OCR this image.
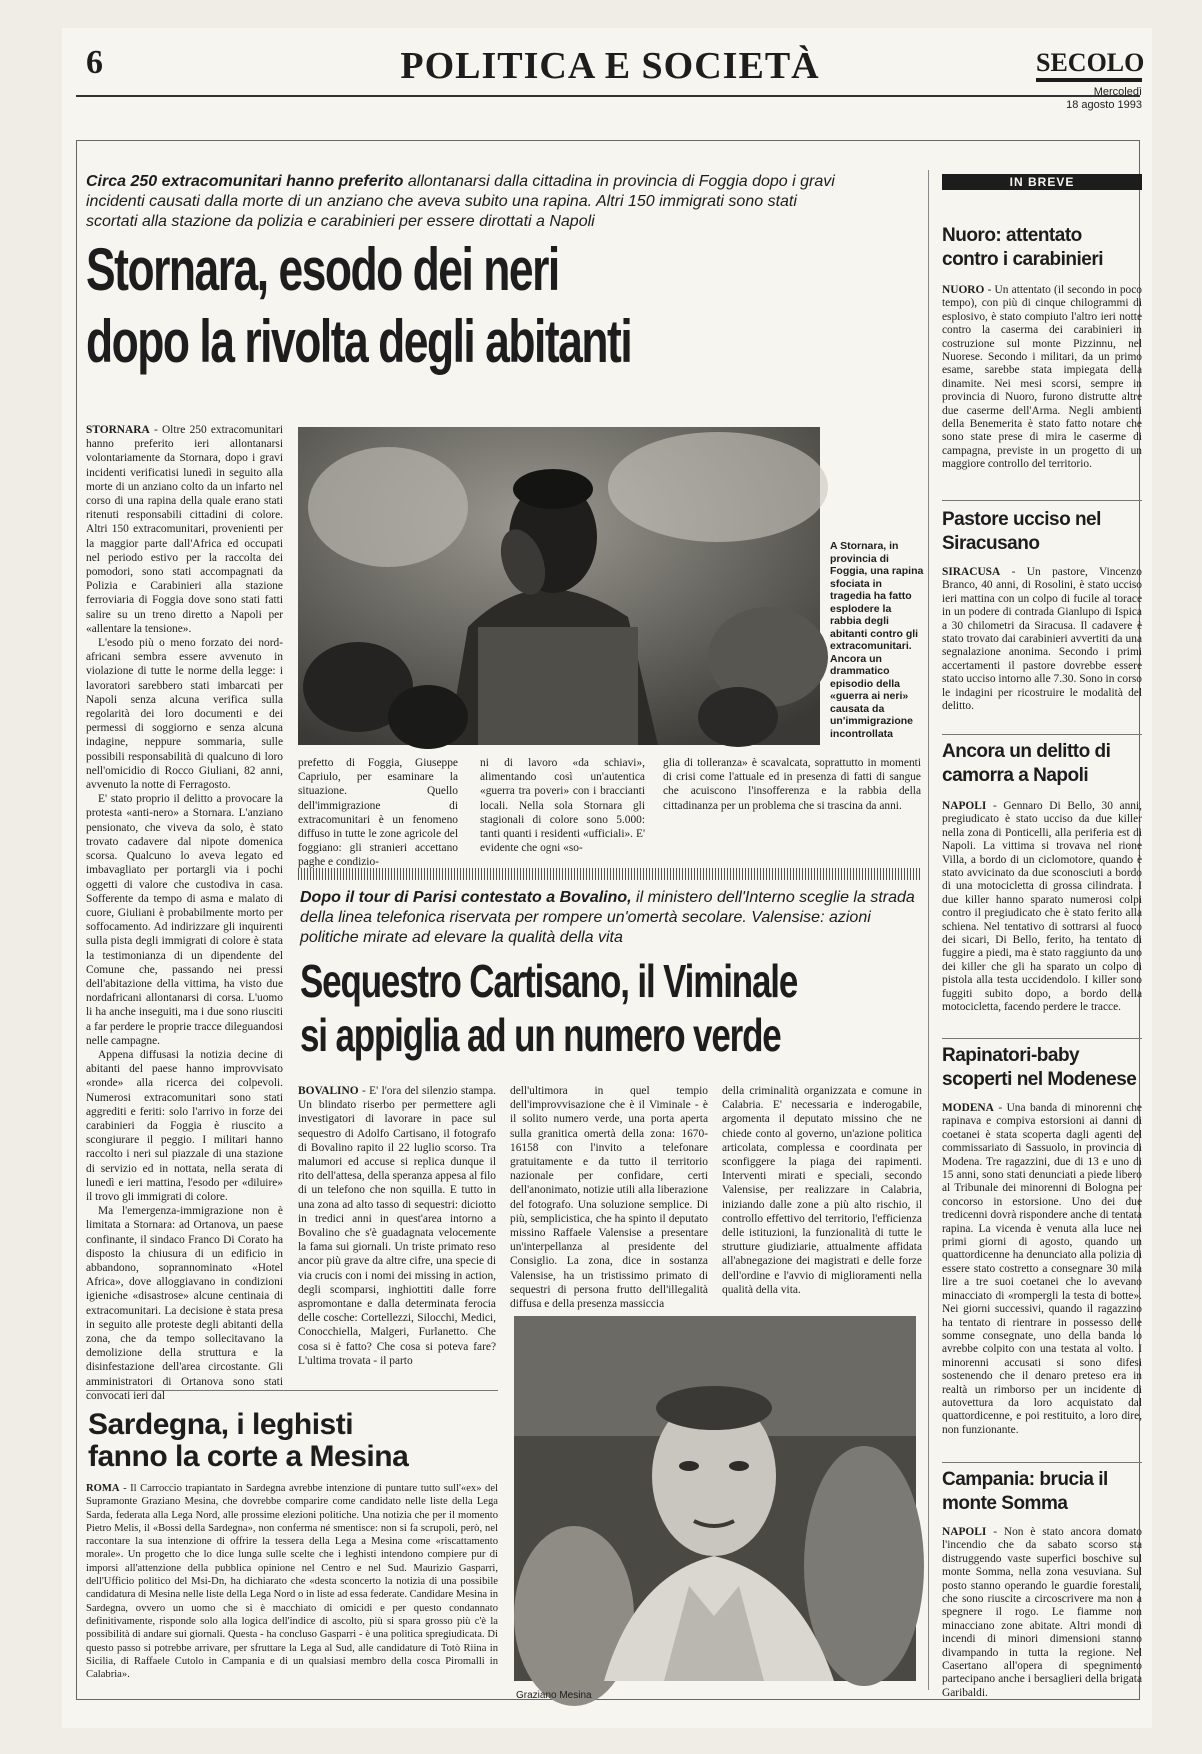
6	POLITICA E SOCIETÀ	SECOLO
Mercoledì
18 agosto 1993
Circa 250 extracomunitari hanno preferito allontanarsi dalla cittadina in provincia di Foggia dopo i gravi incidenti causati dalla morte di un anziano che aveva subito una rapina. Altri 150 immigrati sono stati scortati alla stazione da polizia e carabinieri per essere dirottati a Napoli
Stornara, esodo dei neri
dopo la rivolta degli abitanti

STORNARA - Oltre 250 extracomunitari hanno preferito ieri allontanarsi volontariamente da Stornara, dopo i gravi incidenti verificatisi lunedì in seguito alla morte di un anziano colto da un infarto nel corso di una rapina della quale erano stati ritenuti responsabili cittadini di colore. Altri 150 extracomunitari, provenienti per la maggior parte dall'Africa ed occupati nel periodo estivo per la raccolta dei pomodori, sono stati accompagnati da Polizia e Carabinieri alla stazione ferroviaria di Foggia dove sono stati fatti salire su un treno diretto a Napoli per «allentare la tensione».

L'esodo più o meno forzato dei nord-africani sembra essere avvenuto in violazione di tutte le norme della legge: i lavoratori sarebbero stati imbarcati per Napoli senza alcuna verifica sulla regolarità dei loro documenti e dei permessi di soggiorno e senza alcuna indagine, neppure sommaria, sulle possibili responsabilità di qualcuno di loro nell'omicidio di Rocco Giuliani, 82 anni, avvenuto la notte di Ferragosto.

E' stato proprio il delitto a provocare la protesta «anti-nero» a Stornara. L'anziano pensionato, che viveva da solo, è stato trovato cadavere dal nipote domenica scorsa. Qualcuno lo aveva legato ed imbavagliato per portargli via i pochi oggetti di valore che custodiva in casa. Sofferente da tempo di asma e malato di cuore, Giuliani è probabilmente morto per soffocamento. Ad indirizzare gli inquirenti sulla pista degli immigrati di colore è stata la testimonianza di un dipendente del Comune che, passando nei pressi dell'abitazione della vittima, ha visto due nordafricani allontanarsi di corsa. L'uomo li ha anche inseguiti, ma i due sono riusciti a far perdere le proprie tracce dileguandosi nelle campagne.

Appena diffusasi la notizia decine di abitanti del paese hanno improvvisato «ronde» alla ricerca dei colpevoli. Numerosi extracomunitari sono stati aggrediti e feriti: solo l'arrivo in forze dei carabinieri da Foggia è riuscito a scongiurare il peggio. I militari hanno raccolto i neri sul piazzale di una stazione di servizio ed in nottata, nella serata di lunedì e ieri mattina, l'esodo per «diluire» il trovo gli immigrati di colore.

Ma l'emergenza-immigrazione non è limitata a Stornara: ad Ortanova, un paese confinante, il sindaco Franco Di Corato ha disposto la chiusura di un edificio in abbandono, soprannominato «Hotel Africa», dove alloggiavano in condizioni igieniche «disastrose» alcune centinaia di extracomunitari. La decisione è stata presa in seguito alle proteste degli abitanti della zona, che da tempo sollecitavano la demolizione della struttura e la disinfestazione dell'area circostante. Gli amministratori di Ortanova sono stati convocati ieri dal

A Stornara, in provincia di Foggia, una rapina sfociata in tragedia ha fatto esplodere la rabbia degli abitanti contro gli extracomunitari. Ancora un drammatico episodio della «guerra ai neri» causata da un'immigrazione incontrollata
prefetto di Foggia, Giuseppe Capriulo, per esaminare la situazione. Quello dell'immigrazione di extracomunitari è un fenomeno diffuso in tutte le zone agricole del foggiano: gli stranieri accettano paghe e condizio-
ni di lavoro «da schiavi», alimentando così un'autentica «guerra tra poveri» con i braccianti locali. Nella sola Stornara gli stagionali di colore sono 5.000: tanti quanti i residenti «ufficiali». E' evidente che ogni «so-
glia di tolleranza» è scavalcata, soprattutto in momenti di crisi come l'attuale ed in presenza di fatti di sangue che acuiscono l'insofferenza e la rabbia della cittadinanza per un problema che si trascina da anni.
Dopo il tour di Parisi contestato a Bovalino, il ministero dell'Interno sceglie la strada della linea telefonica riservata per rompere un'omertà secolare. Valensise: azioni politiche mirate ad elevare la qualità della vita
Sequestro Cartisano, il Viminale
si appiglia ad un numero verde

BOVALINO - E' l'ora del silenzio stampa. Un blindato riserbo per permettere agli investigatori di lavorare in pace sul sequestro di Adolfo Cartisano, il fotografo di Bovalino rapito il 22 luglio scorso. Tra malumori ed accuse si replica dunque il rito dell'attesa, della speranza appesa al filo di un telefono che non squilla. E tutto in una zona ad alto tasso di sequestri: diciotto in tredici anni in quest'area intorno a Bovalino che s'è guadagnata velocemente la fama sui giornali. Un triste primato reso ancor più grave da altre cifre, una specie di via crucis con i nomi dei missing in action, degli scomparsi, inghiottiti dalle forre aspromontane e dalla determinata ferocia delle cosche: Cortellezzi, Silocchi, Medici, Conocchiella, Malgeri, Furlanetto. Che cosa si è fatto? Che cosa si poteva fare? L'ultima trovata - il parto

dell'ultimora in quel tempio dell'improvvisazione che è il Viminale - è il solito numero verde, una porta aperta sulla granitica omertà della zona: 1670-16158 con l'invito a telefonare gratuitamente e da tutto il territorio nazionale per confidare, certi dell'anonimato, notizie utili alla liberazione del fotografo. Una soluzione semplice. Di più, semplicistica, che ha spinto il deputato missino Raffaele Valensise a presentare un'interpellanza al presidente del Consiglio. La zona, dice in sostanza Valensise, ha un tristissimo primato di sequestri di persona frutto dell'illegalità diffusa e della presenza massiccia
della criminalità organizzata e comune in Calabria. E' necessaria e inderogabile, argomenta il deputato missino che ne chiede conto al governo, un'azione politica articolata, complessa e coordinata per sconfiggere la piaga dei rapimenti. Interventi mirati e speciali, secondo Valensise, per realizzare in Calabria, iniziando dalle zone a più alto rischio, il controllo effettivo del territorio, l'efficienza delle istituzioni, la funzionalità di tutte le strutture giudiziarie, attualmente affidata all'abnegazione dei magistrati e delle forze dell'ordine e l'avvio di miglioramenti nella qualità della vita.
Graziano Mesina
Sardegna, i leghisti
fanno la corte a Mesina

ROMA - Il Carroccio trapiantato in Sardegna avrebbe intenzione di puntare tutto sull'«ex» del Supramonte Graziano Mesina, che dovrebbe comparire come candidato nelle liste della Lega Sarda, federata alla Lega Nord, alle prossime elezioni politiche. Una notizia che per il momento Pietro Melis, il «Bossi della Sardegna», non conferma né smentisce: non si fa scrupoli, però, nel raccontare la sua intenzione di offrire la tessera della Lega a Mesina come «riscattamento morale». Un progetto che lo dice lunga sulle scelte che i leghisti intendono compiere pur di imporsi all'attenzione della pubblica opinione nel Centro e nel Sud. Maurizio Gasparri, dell'Ufficio politico del Msi-Dn, ha dichiarato che «desta sconcerto la notizia di una possibile candidatura di Mesina nelle liste della Lega Nord o in liste ad essa federate. Candidare Mesina in Sardegna, ovvero un uomo che si è macchiato di omicidi e per questo condannato definitivamente, risponde solo alla logica dell'indice di ascolto, più si spara grosso più c'è la possibilità di andare sui giornali. Questa - ha concluso Gasparri - è una politica spregiudicata. Di questo passo si potrebbe arrivare, per sfruttare la Lega al Sud, alle candidature di Totò Riina in Sicilia, di Raffaele Cutolo in Campania e di un qualsiasi membro della cosca Piromalli in Calabria».

IN BREVE
Nuoro: attentato contro i carabinieri
NUORO - Un attentato (il secondo in poco tempo), con più di cinque chilogrammi di esplosivo, è stato compiuto l'altro ieri notte contro la caserma dei carabinieri in costruzione sul monte Pizzinnu, nel Nuorese. Secondo i militari, da un primo esame, sarebbe stata impiegata della dinamite. Nei mesi scorsi, sempre in provincia di Nuoro, furono distrutte altre due caserme dell'Arma. Negli ambienti della Benemerita è stato fatto notare che sono state prese di mira le caserme di campagna, previste in un progetto di un maggiore controllo del territorio.
Pastore ucciso nel Siracusano
SIRACUSA - Un pastore, Vincenzo Branco, 40 anni, di Rosolini, è stato ucciso ieri mattina con un colpo di fucile al torace in un podere di contrada Gianlupo di Ispica a 30 chilometri da Siracusa. Il cadavere è stato trovato dai carabinieri avvertiti da una segnalazione anonima. Secondo i primi accertamenti il pastore dovrebbe essere stato ucciso intorno alle 7.30. Sono in corso le indagini per ricostruire le modalità del delitto.
Ancora un delitto di camorra a Napoli
NAPOLI - Gennaro Di Bello, 30 anni, pregiudicato è stato ucciso da due killer nella zona di Ponticelli, alla periferia est di Napoli. La vittima si trovava nel rione Villa, a bordo di un ciclomotore, quando è stato avvicinato da due sconosciuti a bordo di una motocicletta di grossa cilindrata. I due killer hanno sparato numerosi colpi contro il pregiudicato che è stato ferito alla schiena. Nel tentativo di sottrarsi al fuoco dei sicari, Di Bello, ferito, ha tentato di fuggire a piedi, ma è stato raggiunto da uno dei killer che gli ha sparato un colpo di pistola alla testa uccidendolo. I killer sono fuggiti subito dopo, a bordo della motocicletta, facendo perdere le tracce.
Rapinatori-baby scoperti nel Modenese
MODENA - Una banda di minorenni che rapinava e compiva estorsioni ai danni di coetanei è stata scoperta dagli agenti del commissariato di Sassuolo, in provincia di Modena. Tre ragazzini, due di 13 e uno di 15 anni, sono stati denunciati a piede libero al Tribunale dei minorenni di Bologna per concorso in estorsione. Uno dei due tredicenni dovrà rispondere anche di tentata rapina. La vicenda è venuta alla luce nei primi giorni di agosto, quando un quattordicenne ha denunciato alla polizia di essere stato costretto a consegnare 30 mila lire a tre suoi coetanei che lo avevano minacciato di «rompergli la testa di botte». Nei giorni successivi, quando il ragazzino ha tentato di rientrare in possesso delle somme consegnate, uno della banda lo avrebbe colpito con una testata al volto. I minorenni accusati si sono difesi sostenendo che il denaro preteso era in realtà un rimborso per un incidente di autovettura da loro acquistato dal quattordicenne, e poi restituito, a loro dire, non funzionante.
Campania: brucia il monte Somma
NAPOLI - Non è stato ancora domato l'incendio che da sabato scorso sta distruggendo vaste superfici boschive sul monte Somma, nella zona vesuviana. Sul posto stanno operando le guardie forestali, che sono riuscite a circoscrivere ma non a spegnere il rogo. Le fiamme non minacciano zone abitate. Altri mondi di incendi di minori dimensioni stanno divampando in tutta la regione. Nel Casertano all'opera di spegnimento partecipano anche i bersaglieri della brigata Garibaldi.
